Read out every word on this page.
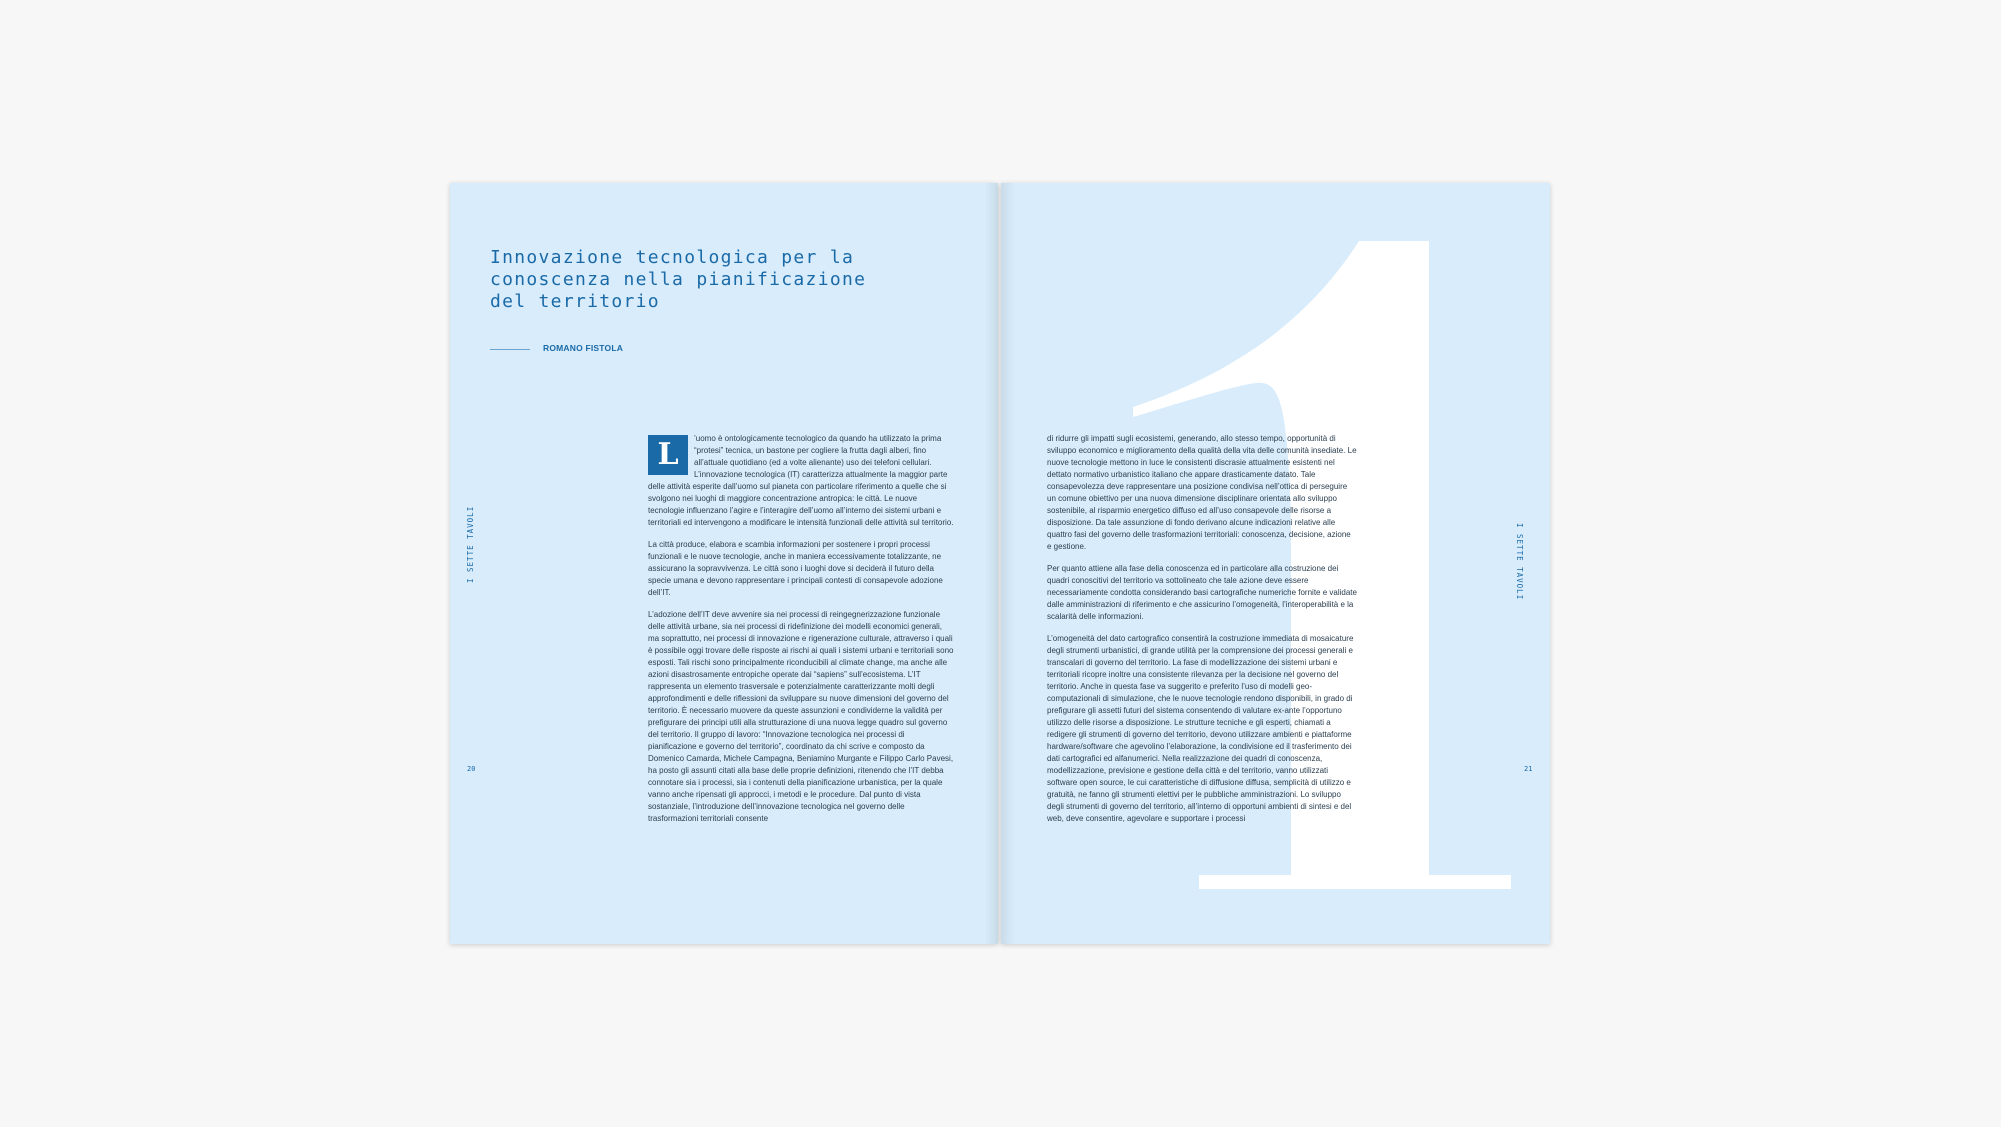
Innovazione tecnologica per la conoscenza nella pianificazione del territorio
ROMANO FISTOLA
I SETTE TAVOLI
20

L	’uomo è ontologicamente tecnologico da quando ha utilizzato la prima “protesi” tecnica, un bastone per cogliere la frutta dagli alberi, fino all’attuale quotidiano (ed a volte alienante) uso dei telefoni cellulari. L’innovazione tecnologica (IT) caratterizza attualmente la maggior parte delle attività esperite dall’uomo sul pianeta con particolare riferimento a quelle che si svolgono nei luoghi di maggiore concentrazione antropica: le città. Le nuove tecnologie influenzano l’agire e l’interagire dell’uomo all’interno dei sistemi urbani e territoriali ed intervengono a modificare le intensità funzionali delle attività sul territorio.

La città produce, elabora e scambia informazioni per sostenere i propri processi funzionali e le nuove tecnologie, anche in maniera eccessivamente totalizzante, ne assicurano la sopravvivenza. Le città sono i luoghi dove si deciderà il futuro della specie umana e devono rappresentare i principali contesti di consapevole adozione dell’IT.

L’adozione dell’IT deve avvenire sia nei processi di reingegnerizzazione funzionale delle attività urbane, sia nei processi di ridefinizione dei modelli economici generali, ma soprattutto, nei processi di innovazione e rigenerazione culturale, attraverso i quali è possibile oggi trovare delle risposte ai rischi ai quali i sistemi urbani e territoriali sono esposti. Tali rischi sono principalmente riconducibili al climate change, ma anche alle azioni disastrosamente entropiche operate dai “sapiens” sull’ecosistema. L’IT rappresenta un elemento trasversale e potenzialmente caratterizzante molti degli approfondimenti e delle riflessioni da sviluppare su nuove dimensioni del governo del territorio. È necessario muovere da queste assunzioni e condividerne la validità per prefigurare dei principi utili alla strutturazione di una nuova legge quadro sul governo del territorio. Il gruppo di lavoro: “Innovazione tecnologica nei processi di pianificazione e governo del territorio”, coordinato da chi scrive e composto da Domenico Camarda, Michele Campagna, Beniamino Murgante e Filippo Carlo Pavesi, ha posto gli assunti citati alla base delle proprie definizioni, ritenendo che l’IT debba connotare sia i processi, sia i contenuti della pianificazione urbanistica, per la quale vanno anche ripensati gli approcci, i metodi e le procedure. Dal punto di vista sostanziale, l’introduzione dell’innovazione tecnologica nel governo delle trasformazioni territoriali consente

I SETTE TAVOLI
21

di ridurre gli impatti sugli ecosistemi, generando, allo stesso tempo, opportunità di sviluppo economico e miglioramento della qualità della vita delle comunità insediate. Le nuove tecnologie mettono in luce le consistenti discrasie attualmente esistenti nel dettato normativo urbanistico italiano che appare drasticamente datato. Tale consapevolezza deve rappresentare una posizione condivisa nell’ottica di perseguire un comune obiettivo per una nuova dimensione disciplinare orientata allo sviluppo sostenibile, al risparmio energetico diffuso ed all’uso consapevole delle risorse a disposizione. Da tale assunzione di fondo derivano alcune indicazioni relative alle quattro fasi del governo delle trasformazioni territoriali: conoscenza, decisione, azione e gestione.

Per quanto attiene alla fase della conoscenza ed in particolare alla costruzione dei quadri conoscitivi del territorio va sottolineato che tale azione deve essere necessariamente condotta considerando basi cartografiche numeriche fornite e validate dalle amministrazioni di riferimento e che assicurino l’omogeneità, l’interoperabilità e la scalarità delle informazioni.

L’omogeneità del dato cartografico consentirà la costruzione immediata di mosaicature degli strumenti urbanistici, di grande utilità per la comprensione dei processi generali e transcalari di governo del territorio. La fase di modellizzazione dei sistemi urbani e territoriali ricopre inoltre una consistente rilevanza per la decisione nel governo del territorio. Anche in questa fase va suggerito e preferito l’uso di modelli geo-computazionali di simulazione, che le nuove tecnologie rendono disponibili, in grado di prefigurare gli assetti futuri del sistema consentendo di valutare ex-ante l’opportuno utilizzo delle risorse a disposizione. Le strutture tecniche e gli esperti, chiamati a redigere gli strumenti di governo del territorio, devono utilizzare ambienti e piattaforme hardware/software che agevolino l’elaborazione, la condivisione ed il trasferimento dei dati cartografici ed alfanumerici. Nella realizzazione dei quadri di conoscenza, modellizzazione, previsione e gestione della città e del territorio, vanno utilizzati software open source, le cui caratteristiche di diffusione diffusa, semplicità di utilizzo e gratuità, ne fanno gli strumenti elettivi per le pubbliche amministrazioni. Lo sviluppo degli strumenti di governo del territorio, all’interno di opportuni ambienti di sintesi e del web, deve consentire, agevolare e supportare i processi
